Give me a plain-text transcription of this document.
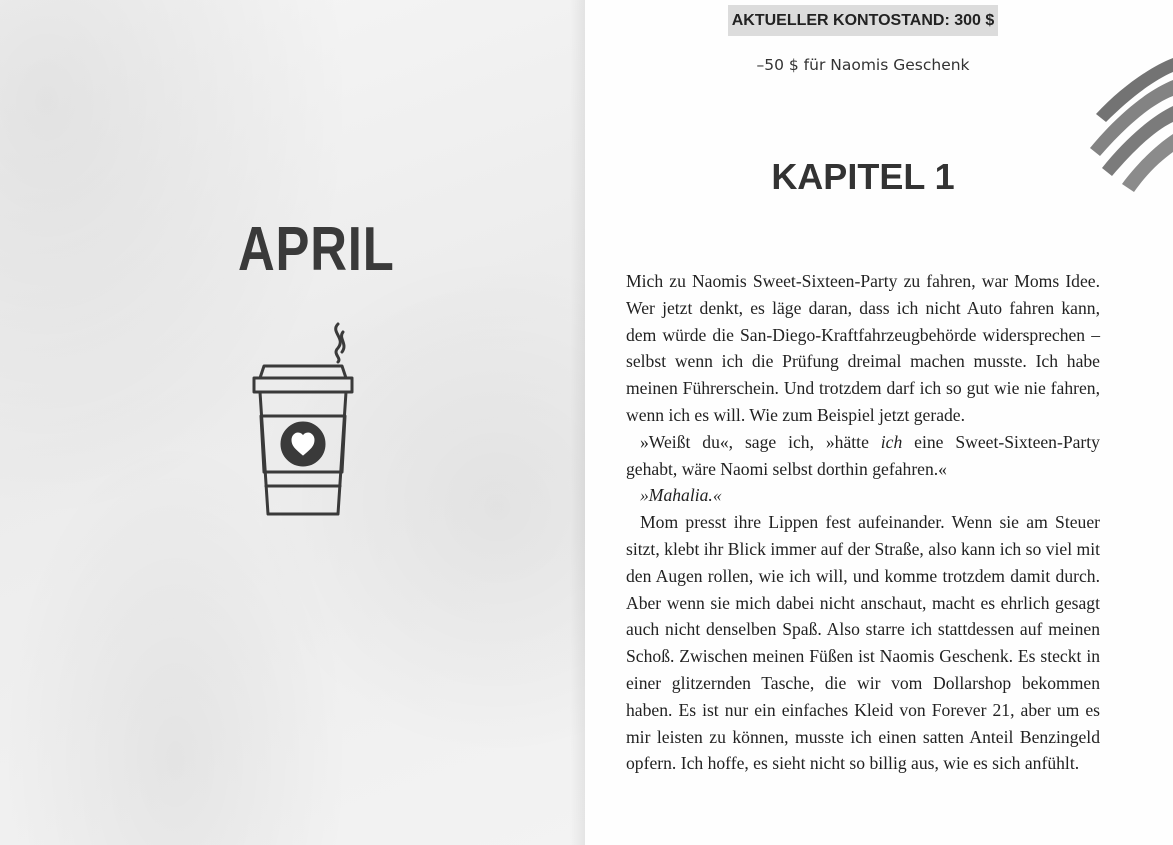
APRIL
AKTUELLER KONTOSTAND: 300 $
–50 $ für Naomis Geschenk
KAPITEL 1

Mich zu Naomis Sweet-Sixteen-Party zu fahren, war Moms Idee. Wer jetzt denkt, es läge daran, dass ich nicht Auto fahren kann, dem würde die San-Diego-Kraftfahrzeugbehörde widersprechen – selbst wenn ich die Prüfung dreimal machen musste. Ich habe meinen Führerschein. Und trotzdem darf ich so gut wie nie fahren, wenn ich es will. Wie zum Beispiel jetzt gerade.

»Weißt du«, sage ich, »hätte ich eine Sweet-Sixteen-Party gehabt, wäre Naomi selbst dorthin gefahren.«

»Mahalia.«

Mom presst ihre Lippen fest aufeinander. Wenn sie am Steuer sitzt, klebt ihr Blick immer auf der Straße, also kann ich so viel mit den Augen rollen, wie ich will, und komme trotzdem damit durch. Aber wenn sie mich dabei nicht anschaut, macht es ehrlich gesagt auch nicht denselben Spaß. Also starre ich stattdessen auf meinen Schoß. Zwischen meinen Füßen ist Naomis Geschenk. Es steckt in einer glitzernden Tasche, die wir vom Dollarshop bekommen haben. Es ist nur ein einfaches Kleid von Forever 21, aber um es mir leisten zu können, musste ich einen satten Anteil Benzingeld opfern. Ich hoffe, es sieht nicht so billig aus, wie es sich anfühlt.
